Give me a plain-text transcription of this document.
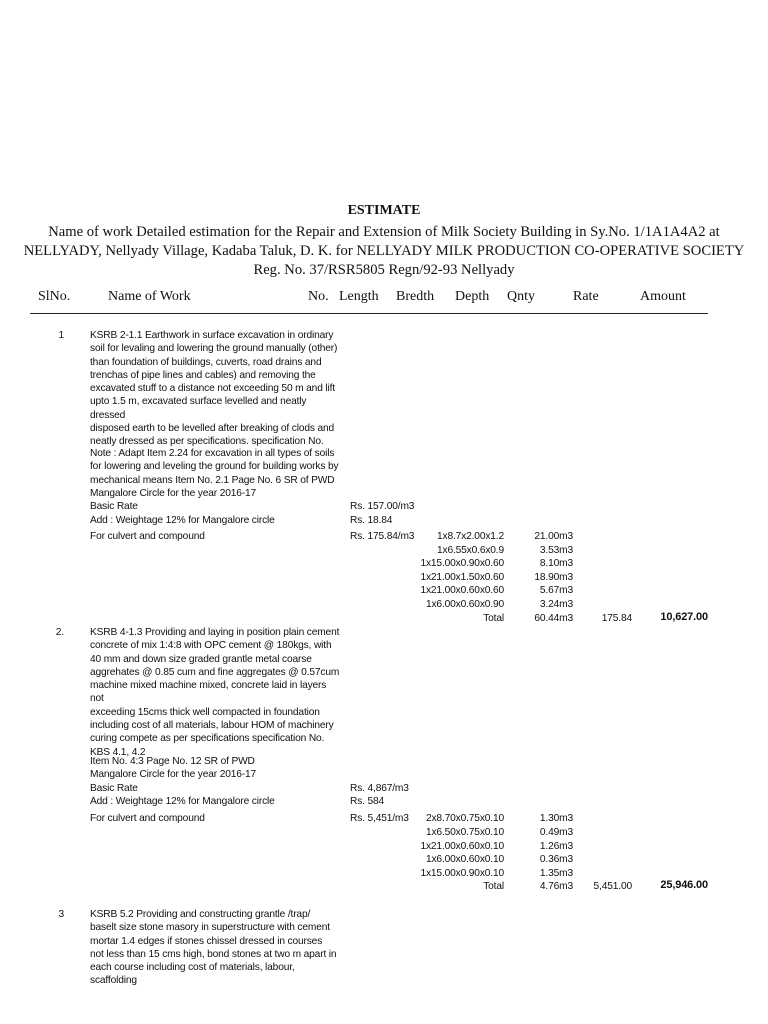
ESTIMATE
Name of work Detailed estimation for the Repair and Extension of Milk Society Building in Sy.No. 1/1A1A4A2 at NELLYADY, Nellyady Village, Kadaba Taluk, D. K. for NELLYADY MILK PRODUCTION CO-OPERATIVE SOCIETY Reg. No. 37/RSR5805 Regn/92-93 Nellyady
SlNo.	Name of Work	No. Length Bredth Depth Qnty	Rate	Amount
1	KSRB 2-1.1 Earthwork in surface excavation in ordinary
soil for levaling and lowering the ground manually (other)
than foundation of buildings, cuverts, road drains and
trenchas of pipe lines and cables) and removing the
excavated stuff to a distance not exceeding 50 m and lift
upto 1.5 m, excavated surface levelled and neatly dressed
disposed earth to be levelled after breaking of clods and
neatly dressed as per specifications. specification No.
Note : Adapt Item 2.24 for excavation in all types of soils
for lowering and leveling the ground for building works by
mechanical means Item No. 2.1 Page No. 6 SR of PWD
Mangalore Circle for the year 2016-17
Basic Rate	Rs. 157.00/m3
Add : Weightage 12% for Mangalore circle	Rs. 18.84
For culvert and compound	Rs. 175.84/m3	1x8.7x2.00x1.2	21.00m3
1x6.55x0.6x0.9	3.53m3
1x15.00x0.90x0.60	8.10m3
1x21.00x1.50x0.60	18.90m3
1x21.00x0.60x0.60	5.67m3
1x6.00x0.60x0.90	3.24m3
Total	60.44m3	175.84	10,627.00
2.	KSRB 4-1.3 Providing and laying in position plain cement
concrete of mix 1:4:8 with OPC cement @ 180kgs, with
40 mm and down size graded grantle metal coarse
aggrehates @ 0.85 cum and fine aggregates @ 0.57cum
machine mixed machine mixed, concrete laid in layers not
exceeding 15cms thick well compacted in foundation
including cost of all materials, labour HOM of machinery
curing compete as per specifications specification No.
KBS 4.1, 4.2
Item No. 4:3 Page No. 12 SR of PWD
Mangalore Circle for the year 2016-17
Basic Rate	Rs. 4,867/m3
Add : Weightage 12% for Mangalore circle	Rs. 584
For culvert and compound	Rs. 5,451/m3	2x8.70x0.75x0.10	1.30m3
1x6.50x0.75x0.10	0.49m3
1x21.00x0.60x0.10	1.26m3
1x6.00x0.60x0.10	0.36m3
1x15.00x0.90x0.10	1.35m3
Total	4.76m3	5,451.00	25,946.00
3	KSRB 5.2 Providing and constructing grantle /trap/
baselt size stone masory in superstructure with cement
mortar 1.4 edges if stones chissel dressed in courses
not less than 15 cms high, bond stones at two m apart in
each course including cost of materials, labour, scaffolding
